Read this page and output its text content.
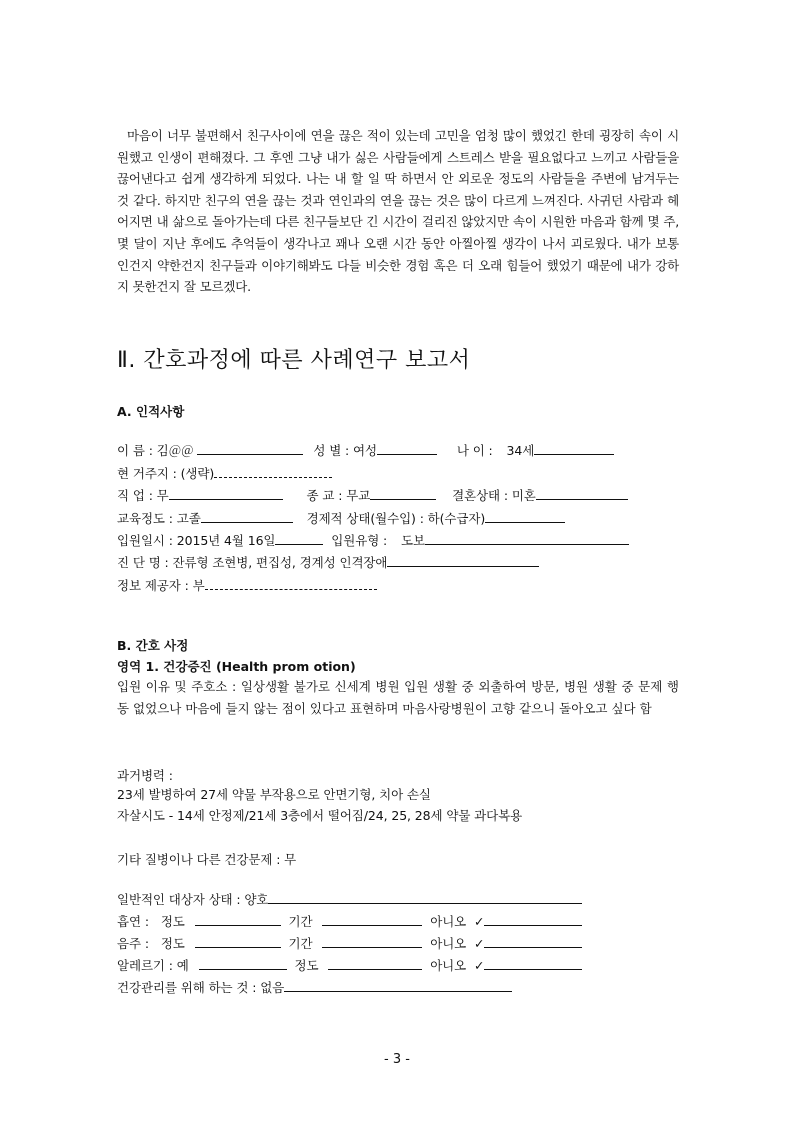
마음이 너무 불편해서 친구사이에 연을 끊은 적이 있는데 고민을 엄청 많이 했었긴 한데 굉장히 속이 시원했고 인생이 편해졌다. 그 후엔 그냥 내가 싫은 사람들에게 스트레스 받을 필요없다고 느끼고 사람들을 끊어낸다고 쉽게 생각하게 되었다. 나는 내 할 일 딱 하면서 안 외로운 정도의 사람들을 주변에 남겨두는 것 같다. 하지만 친구의 연을 끊는 것과 연인과의 연을 끊는 것은 많이 다르게 느껴진다. 사귀던 사람과 헤어지면 내 삶으로 돌아가는데 다른 친구들보단 긴 시간이 걸리진 않았지만 속이 시원한 마음과 함께 몇 주, 몇 달이 지난 후에도 추억들이 생각나고 꽤나 오랜 시간 동안 아찔아찔 생각이 나서 괴로웠다. 내가 보통 인건지 약한건지 친구들과 이야기해봐도 다들 비슷한 경험 혹은 더 오래 힘들어 했었기 때문에 내가 강하지 못한건지 잘 모르겠다.

Ⅱ. 간호과정에 따른 사례연구 보고서
A. 인적사항
이 름 : 김＠＠	성 별 : 여성	나 이 : 34세
현 거주지 : (생략)
직 업 : 무	종 교 : 무교	결혼상태 : 미혼
교육정도 : 고졸	경제적 상태(월수입) : 하(수급자)
입원일시 : 2015년 4월 16일	입원유형 : 도보
진 단 명 : 잔류형 조현병, 편집성, 경계성 인격장애
정보 제공자 : 부
B. 간호 사정
영역 1. 건강증진 (Health prom otion)

입원 이유 및 주호소 : 일상생활 불가로 신세계 병원 입원 생활 중 외출하여 방문, 병원 생활 중 문제 행동 없었으나 마음에 들지 않는 점이 있다고 표현하며 마음사랑병원이 고향 같으니 돌아오고 싶다 함

과거병력 :
23세 발병하여 27세 약물 부작용으로 안면기형, 치아 손실
자살시도 - 14세 안정제/21세 3층에서 떨어짐/24, 25, 28세 약물 과다복용
기타 질병이나 다른 건강문제 : 무
일반적인 대상자 상태 : 양호
흡연 : 정도	기간	아니오 ✓
음주 : 정도	기간	아니오 ✓
알레르기 : 예	정도	아니오 ✓
건강관리를 위해 하는 것 : 없음
- 3 -
